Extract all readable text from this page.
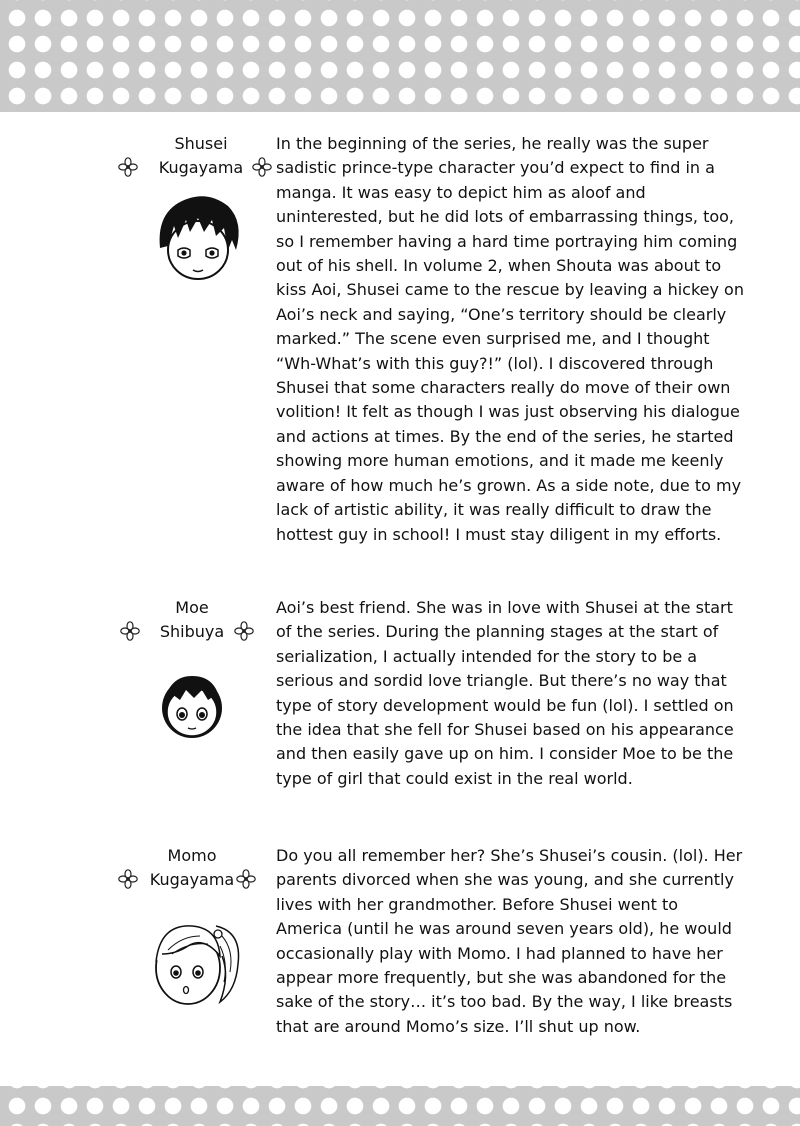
Shusei
Kugayama

In the beginning of the series, he really was the super sadistic prince-type character you’d expect to find in a manga. It was easy to depict him as aloof and uninterested, but he did lots of embarrassing things, too, so I remember having a hard time portraying him coming out of his shell. In volume 2, when Shouta was about to kiss Aoi, Shusei came to the rescue by leaving a hickey on Aoi’s neck and saying, “One’s territory should be clearly marked.” The scene even surprised me, and I thought “Wh-What’s with this guy?!” (lol). I discovered through Shusei that some characters really do move of their own volition! It felt as though I was just observing his dialogue and actions at times. By the end of the series, he started showing more human emotions, and it made me keenly aware of how much he’s grown. As a side note, due to my lack of artistic ability, it was really difficult to draw the hottest guy in school! I must stay diligent in my efforts.

Moe
Shibuya

Aoi’s best friend. She was in love with Shusei at the start of the series. During the planning stages at the start of serialization, I actually intended for the story to be a serious and sordid love triangle. But there’s no way that type of story development would be fun (lol). I settled on the idea that she fell for Shusei based on his appearance and then easily gave up on him. I consider Moe to be the type of girl that could exist in the real world.

Momo
Kugayama

Do you all remember her? She’s Shusei’s cousin. (lol). Her parents divorced when she was young, and she currently lives with her grandmother. Before Shusei went to America (until he was around seven years old), he would occasionally play with Momo. I had planned to have her appear more frequently, but she was abandoned for the sake of the story… it’s too bad. By the way, I like breasts that are around Momo’s size. I’ll shut up now.
